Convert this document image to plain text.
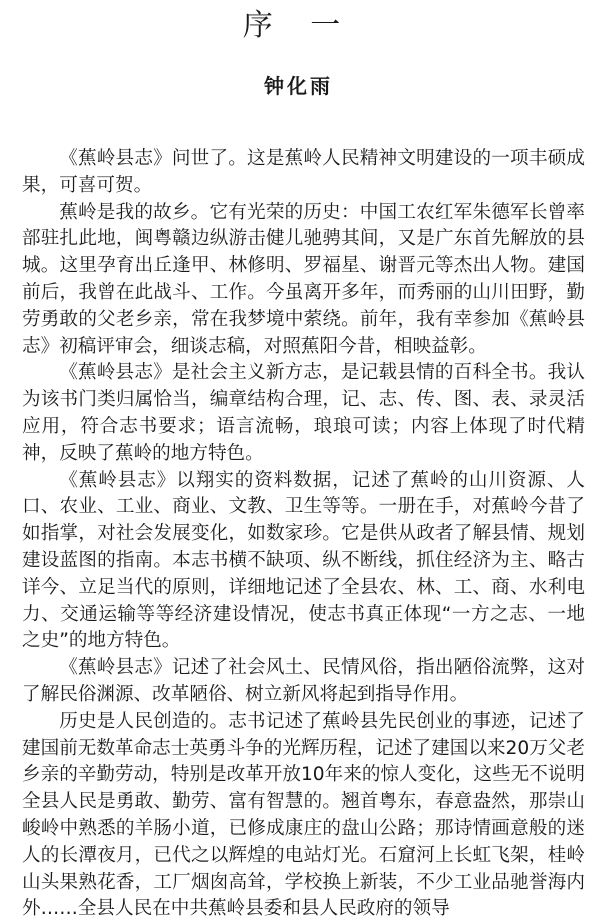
序 一
钟化雨

《蕉岭县志》问世了。这是蕉岭人民精神文明建设的一项丰硕成果，可喜可贺。

蕉岭是我的故乡。它有光荣的历史：中国工农红军朱德军长曾率部驻扎此地，闽粤赣边纵游击健儿驰骋其间，又是广东首先解放的县城。这里孕育出丘逢甲、林修明、罗福星、谢晋元等杰出人物。建国前后，我曾在此战斗、工作。今虽离开多年，而秀丽的山川田野，勤劳勇敢的父老乡亲，常在我梦境中萦绕。前年，我有幸参加《蕉岭县志》初稿评审会，细谈志稿，对照蕉阳今昔，相映益彰。

《蕉岭县志》是社会主义新方志，是记载县情的百科全书。我认为该书门类归属恰当，编章结构合理，记、志、传、图、表、录灵活应用，符合志书要求；语言流畅，琅琅可读；内容上体现了时代精神，反映了蕉岭的地方特色。

《蕉岭县志》以翔实的资料数据，记述了蕉岭的山川资源、人口、农业、工业、商业、文教、卫生等等。一册在手，对蕉岭今昔了如指掌，对社会发展变化，如数家珍。它是供从政者了解县情、规划建设蓝图的指南。本志书横不缺项、纵不断线，抓住经济为主、略古详今、立足当代的原则，详细地记述了全县农、林、工、商、水利电力、交通运输等等经济建设情况，使志书真正体现“一方之志、一地之史”的地方特色。

《蕉岭县志》记述了社会风土、民情风俗，指出陋俗流弊，这对了解民俗渊源、改革陋俗、树立新风将起到指导作用。

历史是人民创造的。志书记述了蕉岭县先民创业的事迹，记述了建国前无数革命志士英勇斗争的光辉历程，记述了建国以来20万父老乡亲的辛勤劳动，特别是改革开放10年来的惊人变化，这些无不说明全县人民是勇敢、勤劳、富有智慧的。翘首粤东，春意盎然，那崇山峻岭中熟悉的羊肠小道，已修成康庄的盘山公路；那诗情画意般的迷人的长潭夜月，已代之以辉煌的电站灯光。石窟河上长虹飞架，桂岭山头果熟花香，工厂烟囱高耸，学校换上新装，不少工业品驰誉海内外……全县人民在中共蕉岭县委和县人民政府的领导
